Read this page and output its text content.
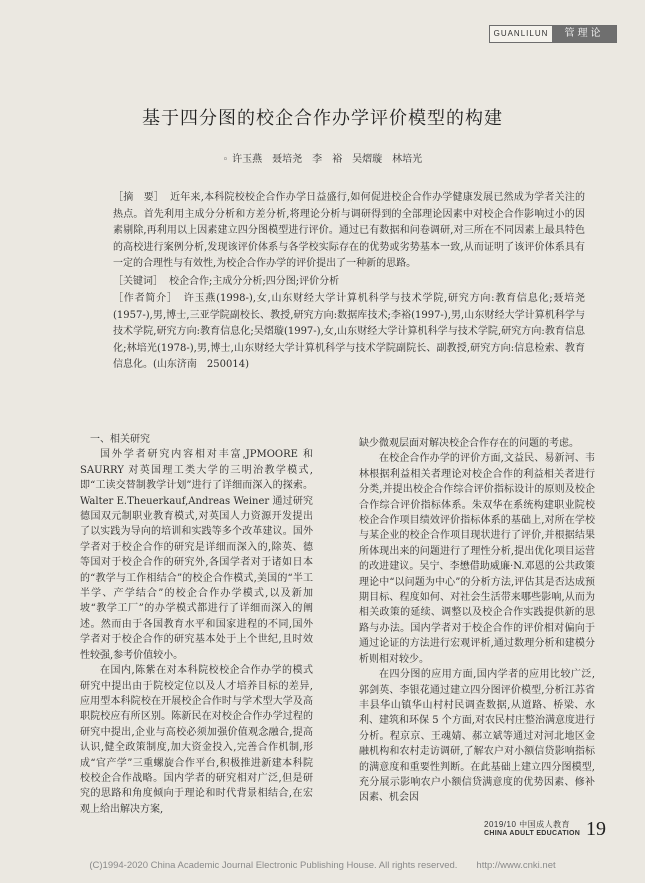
GUANLILUN	管理论
基于四分图的校企合作办学评价模型的构建
◦ 许玉燕　聂培尧　李　裕　吴熠璇　林培光

［摘　要］ 近年来,本科院校校企合作办学日益盛行,如何促进校企合作办学健康发展已然成为学者关注的热点。首先利用主成分分析和方差分析,将理论分析与调研得到的全部理论因素中对校企合作影响过小的因素剔除,再利用以上因素建立四分图模型进行评价。通过已有数据和问卷调研,对三所在不同因素上最具特色的高校进行案例分析,发现该评价体系与各学校实际存在的优势或劣势基本一致,从而证明了该评价体系具有一定的合理性与有效性,为校企合作办学的评价提出了一种新的思路。

［关键词］ 校企合作;主成分分析;四分图;评价分析

［作者简介］ 许玉燕(1998-),女,山东财经大学计算机科学与技术学院,研究方向:教育信息化;聂培尧(1957-),男,博士,三亚学院副校长、教授,研究方向:数据库技术;李裕(1997-),男,山东财经大学计算机科学与技术学院,研究方向:教育信息化;吴熠璇(1997-),女,山东财经大学计算机科学与技术学院,研究方向:教育信息化;林培光(1978-),男,博士,山东财经大学计算机科学与技术学院副院长、副教授,研究方向:信息检索、教育信息化。(山东济南　250014)

一、相关研究

国外学者研究内容相对丰富,JPMOORE 和 SAURRY 对英国理工类大学的三明治教学模式,即“工读交替制教学计划”进行了详细而深入的探索。Walter E.Theuerkauf,Andreas Weiner 通过研究德国双元制职业教育模式,对英国人力资源开发提出了以实践为导向的培训和实践等多个改革建议。国外学者对于校企合作的研究是详细而深入的,除英、德等国对于校企合作的研究外,各国学者对于诸如日本的“教学与工作相结合”的校企合作模式,美国的“半工半学、产学结合”的校企合作办学模式,以及新加坡“教学工厂”的办学模式都进行了详细而深入的阐述。然而由于各国教育水平和国家进程的不同,国外学者对于校企合作的研究基本处于上个世纪,且时效性较强,参考价值较小。

在国内,陈紫在对本科院校校企合作办学的模式研究中提出由于院校定位以及人才培养目标的差异,应用型本科院校在开展校企合作时与学术型大学及高职院校应有所区别。陈新民在对校企合作办学过程的研究中提出,企业与高校必须加强价值观念融合,提高认识,健全政策制度,加大资金投入,完善合作机制,形成“官产学”三重螺旋合作平台,积极推进新建本科院校校企合作战略。国内学者的研究相对广泛,但是研究的思路和角度倾向于理论和时代背景相结合,在宏观上给出解决方案,

缺少微观层面对解决校企合作存在的问题的考虑。

在校企合作办学的评价方面,文益民、易新河、韦林根据利益相关者理论对校企合作的利益相关者进行分类,并提出校企合作综合评价指标设计的原则及校企合作综合评价指标体系。朱双华在系统构建职业院校校企合作项目绩效评价指标体系的基础上,对所在学校与某企业的校企合作项目现状进行了评价,并根据结果所体现出来的问题进行了理性分析,提出优化项目运营的改进建议。吴宁、李懋借助威廉·N.邓恩的公共政策理论中“以问题为中心”的分析方法,评估其是否达成预期目标、程度如何、对社会生活带来哪些影响,从而为相关政策的延续、调整以及校企合作实践提供新的思路与办法。国内学者对于校企合作的评价相对偏向于通过论证的方法进行宏观评析,通过数理分析和建模分析则相对较少。

在四分图的应用方面,国内学者的应用比较广泛,郭剑英、李银花通过建立四分图评价模型,分析江苏省丰县华山镇华山村村民调查数据,从道路、桥梁、水利、建筑和环保 5 个方面,对农民村庄整治满意度进行分析。程京京、王魂婧、郝立斌等通过对河北地区金融机构和农村走访调研,了解农户对小额信贷影响指标的满意度和重要性判断。在此基础上建立四分图模型,充分展示影响农户小额信贷满意度的优势因素、修补因素、机会因

2019/10 中国成人教育
CHINA ADULT EDUCATION 19
(C)1994-2020 China Academic Journal Electronic Publishing House. All rights reserved.　　http://www.cnki.net
